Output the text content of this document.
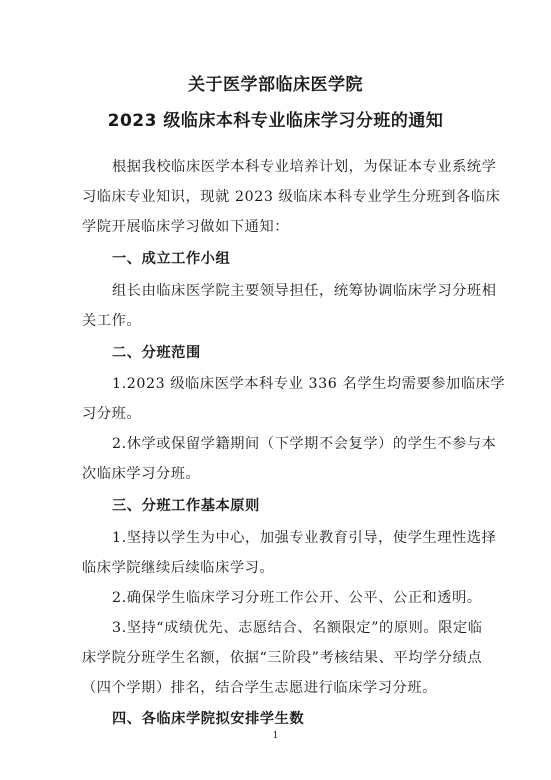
关于医学部临床医学院
2023 级临床本科专业临床学习分班的通知
根据我校临床医学本科专业培养计划，为保证本专业系统学
习临床专业知识，现就 2023 级临床本科专业学生分班到各临床
学院开展临床学习做如下通知：
一、成立工作小组
组长由临床医学院主要领导担任，统筹协调临床学习分班相
关工作。
二、分班范围
1.2023 级临床医学本科专业 336 名学生均需要参加临床学
习分班。
2.休学或保留学籍期间（下学期不会复学）的学生不参与本
次临床学习分班。
三、分班工作基本原则
1.坚持以学生为中心，加强专业教育引导，使学生理性选择
临床学院继续后续临床学习。
2.确保学生临床学习分班工作公开、公平、公正和透明。
3.坚持“成绩优先、志愿结合、名额限定”的原则。限定临
床学院分班学生名额，依据“三阶段”考核结果、平均学分绩点
（四个学期）排名，结合学生志愿进行临床学习分班。
四、各临床学院拟安排学生数
1
